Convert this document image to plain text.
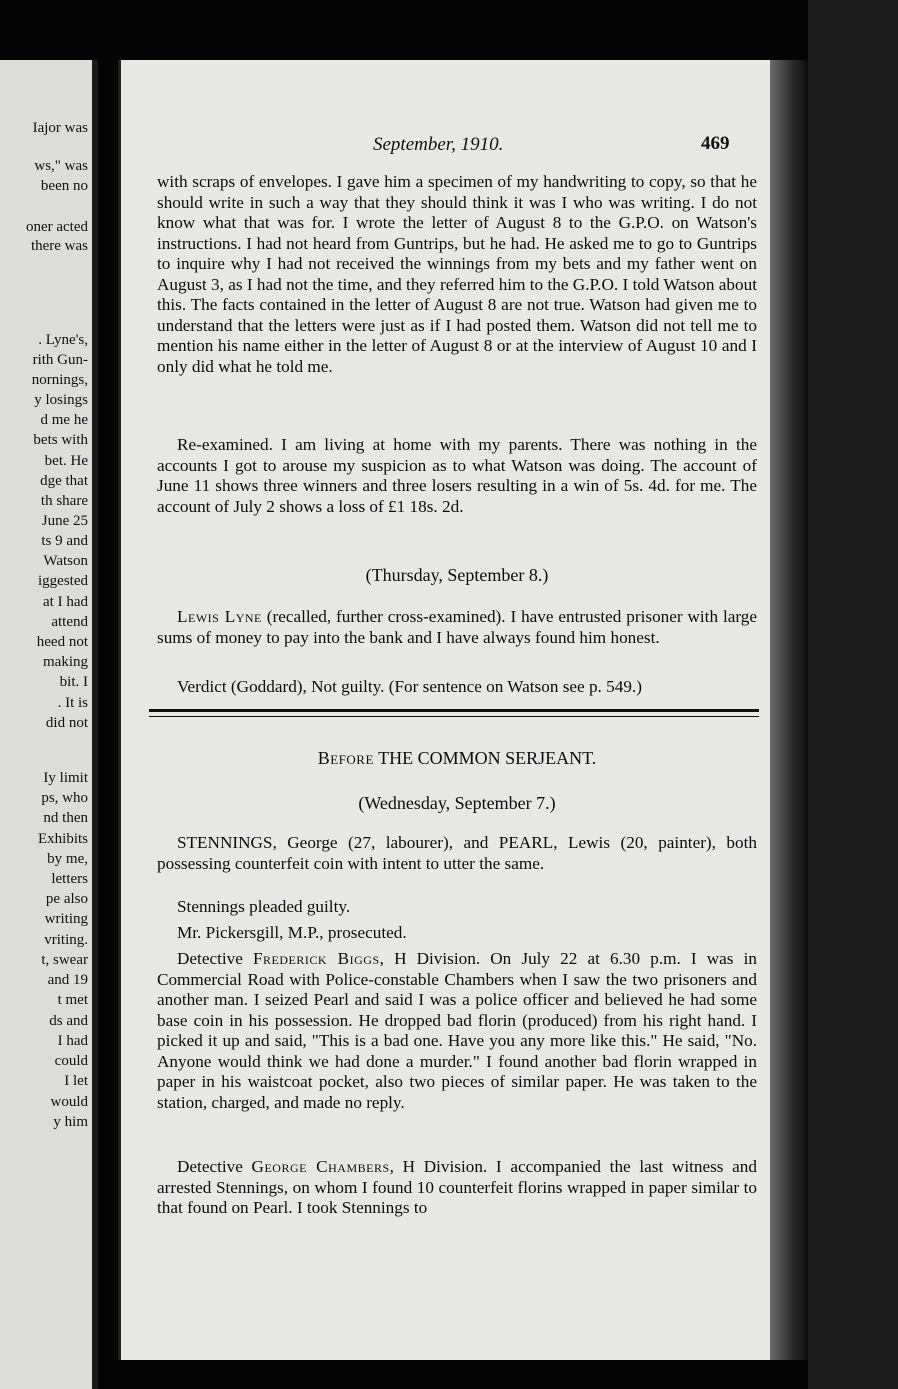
Iajor was
ws," was
been no
oner acted
there was
. Lyne's,
rith Gun-
nornings,
y losings
d me he
bets with
bet. He
dge that
th share
June 25
ts 9 and
Watson
iggested
at I had
attend
heed not
making
bit. I
. It is
did not
Iy limit
ps, who
nd then
Exhibits
by me,
letters
pe also
writing
vriting.
t, swear
and 19
t met
ds and
I had
could
I let
would
y him
September, 1910.	469
with scraps of envelopes. I gave him a specimen of my handwriting to copy, so that he should write in such a way that they should think it was I who was writing. I do not know what that was for. I wrote the letter of August 8 to the G.P.O. on Watson's instructions. I had not heard from Guntrips, but he had. He asked me to go to Guntrips to inquire why I had not received the winnings from my bets and my father went on August 3, as I had not the time, and they referred him to the G.P.O. I told Watson about this. The facts contained in the letter of August 8 are not true. Watson had given me to understand that the letters were just as if I had posted them. Watson did not tell me to mention his name either in the letter of August 8 or at the interview of August 10 and I only did what he told me.
Re-examined. I am living at home with my parents. There was nothing in the accounts I got to arouse my suspicion as to what Watson was doing. The account of June 11 shows three winners and three losers resulting in a win of 5s. 4d. for me. The account of July 2 shows a loss of £1 18s. 2d.
(Thursday, September 8.)
Lewis Lyne (recalled, further cross-examined). I have entrusted prisoner with large sums of money to pay into the bank and I have always found him honest.
Verdict (Goddard), Not guilty. (For sentence on Watson see p. 549.)
Before THE COMMON SERJEANT.
(Wednesday, September 7.)
STENNINGS, George (27, labourer), and PEARL, Lewis (20, painter), both possessing counterfeit coin with intent to utter the same.
Stennings pleaded guilty.
Mr. Pickersgill, M.P., prosecuted.
Detective Frederick Biggs, H Division. On July 22 at 6.30 p.m. I was in Commercial Road with Police-constable Chambers when I saw the two prisoners and another man. I seized Pearl and said I was a police officer and believed he had some base coin in his possession. He dropped bad florin (produced) from his right hand. I picked it up and said, "This is a bad one. Have you any more like this." He said, "No. Anyone would think we had done a murder." I found another bad florin wrapped in paper in his waistcoat pocket, also two pieces of similar paper. He was taken to the station, charged, and made no reply.
Detective George Chambers, H Division. I accompanied the last witness and arrested Stennings, on whom I found 10 counterfeit florins wrapped in paper similar to that found on Pearl. I took Stennings to
